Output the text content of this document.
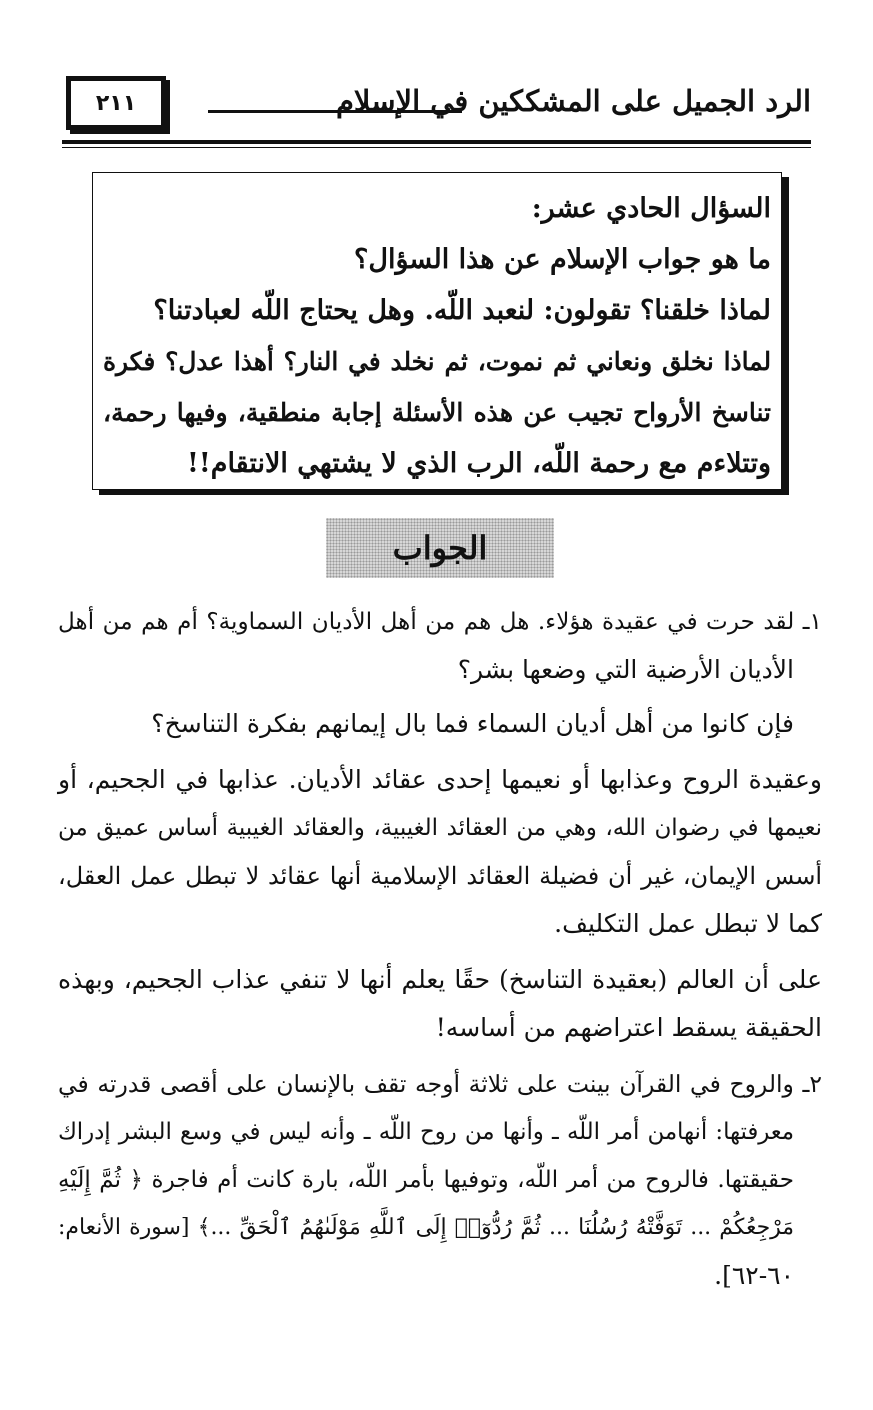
٢١١	الرد الجميل على المشككين في الإسلام
السؤال الحادي عشر:
ما هو جواب الإسلام عن هذا السؤال؟
لماذا خلقنا؟ تقولون: لنعبد اللّه. وهل يحتاج اللّه لعبادتنا؟
لماذا نخلق ونعاني ثم نموت، ثم نخلد في النار؟ أهذا عدل؟ فكرة
تناسخ الأرواح تجيب عن هذه الأسئلة إجابة منطقية، وفيها رحمة،
وتتلاءم مع رحمة اللّه، الرب الذي لا يشتهي الانتقام!!
الجواب
١ـ لقد حرت في عقيدة هؤلاء. هل هم من أهل الأديان السماوية؟ أم هم من أهل
الأديان الأرضية التي وضعها بشر؟
فإن كانوا من أهل أديان السماء فما بال إيمانهم بفكرة التناسخ؟
وعقيدة الروح وعذابها أو نعيمها إحدى عقائد الأديان. عذابها في الجحيم، أو
نعيمها في رضوان الله، وهي من العقائد الغيبية، والعقائد الغيبية أساس عميق من
أسس الإيمان، غير أن فضيلة العقائد الإسلامية أنها عقائد لا تبطل عمل العقل،
كما لا تبطل عمل التكليف.
على أن العالم (بعقيدة التناسخ) حقًا يعلم أنها لا تنفي عذاب الجحيم، وبهذه
الحقيقة يسقط اعتراضهم من أساسه!
٢ـ والروح في القرآن بينت على ثلاثة أوجه تقف بالإنسان على أقصى قدرته في
معرفتها: أنهامن أمر اللّه ـ وأنها من روح اللّه ـ وأنه ليس في وسع البشر إدراك
حقيقتها. فالروح من أمر اللّه، وتوفيها بأمر اللّه، بارة كانت أم فاجرة ﴿ ثُمَّ إِلَيْهِ
مَرْجِعُكُمْ ... تَوَفَّتْهُ رُسُلُنَا ... ثُمَّ رُدُّوٓا۟ إِلَى ٱللَّهِ مَوْلَىٰهُمُ ٱلْحَقِّ ...﴾ [سورة الأنعام:
٦٠-٦٢].
